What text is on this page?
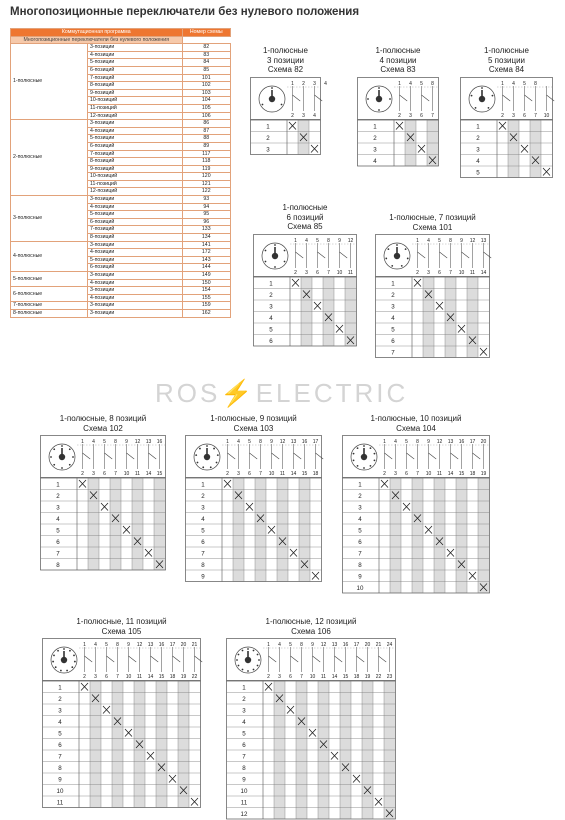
Многопозиционные переключатели без нулевого положения
Коммутационная программа		Номер схемы
Многопозиционные переключатели без нулевого положения		
1-полюсные	3-позиции	82
	4-позиции	83
	5-позиции	84
	6-позиций	85
	7-позиций	101
	8-позиций	102
	9-позиций	103
	10-позиций	104
	11-позиций	105
	12-позиций	106
2-полюсные	3-позиции	86
	4-позиции	87
	5-позиции	88
	6-позиций	89
	7-позиций	117
	8-позиций	118
	9-позиций	119
	10-позиций	120
	11-позиций	121
	12-позиций	122
3-полюсные	3-позиции	93
	4-позиции	94
	5-позиции	95
	6-позиций	96
	7-позиций	133
	8-позиций	134
4-полюсные	3-позиции	141
	4-позиции	172
	5-позиции	143
	6-позиций	144
5-полюсные	3-позиции	149
	4-позиции	150
6-полюсные	3-позиции	154
	4-позиции	155
7-полюсные	3-позиции	159
8-полюсные	3-позиции	162
ROS⚡ELECTRIC
1-полюсные
3 позиции
Схема 82
1 2 3 4
2 3 4
1
2
3
1-полюсные
4 позиции
Схема 83
1 4 5 8
2 3 6 7
1
2
3
4
1-полюсные
5 позиции
Схема 84
1 4 5 8
2 3 6 7 10
1
2
3
4
5
1-полюсные
6 позиций
Схема 85
1 4 5 8 9 12
2 3 6 7 10 11
1
2
3
4
5
6
1-полюсные, 7 позиций
Схема 101
1 4 5 8 9 12 13
2 3 6 7 10 11 14
1
2
3
4
5
6
7
1-полюсные, 8 позиций
Схема 102
1 4 5 8 9 12 13 16
2 3 6 7 10 11 14 15
1
2
3
4
5
6
7
8
1-полюсные, 9 позиций
Схема 103
1 4 5 8 9 12 13 16 17
2 3 6 7 10 11 14 15 18
1
2
3
4
5
6
7
8
9
1-полюсные, 10 позиций
Схема 104
1 4 5 8 9 12 13 16 17 20
2 3 6 7 10 11 14 15 18 19
1
2
3
4
5
6
7
8
9
10
1-полюсные, 11 позиций
Схема 105
1 4 5 8 9 12 13 16 17 20 21
2 3 6 7 10 11 14 15 18 19 22
1
2
3
4
5
6
7
8
9
10
11
1-полюсные, 12 позиций
Схема 106
1 4 5 8 9 12 13 16 17 20 21 24
2 3 6 7 10 11 14 15 18 19 22 23
1
2
3
4
5
6
7
8
9
10
11
12
